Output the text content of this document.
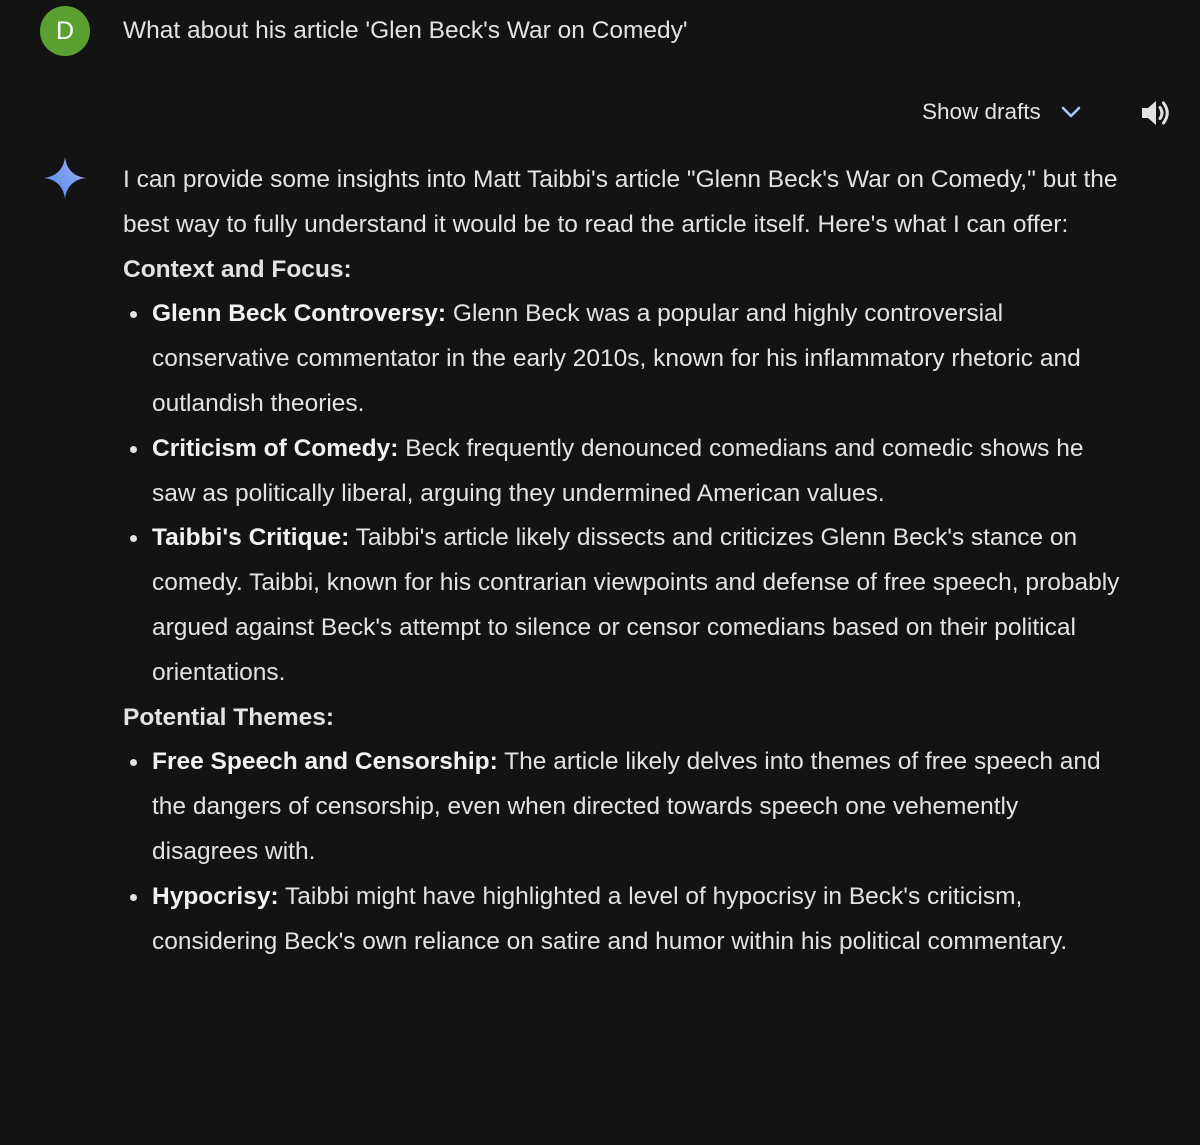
D What about his article 'Glen Beck's War on Comedy'
Show drafts

I can provide some insights into Matt Taibbi's article "Glenn Beck's War on Comedy," but the best way to fully understand it would be to read the article itself. Here's what I can offer:

Context and Focus:

Glenn Beck Controversy: Glenn Beck was a popular and highly controversial conservative commentator in the early 2010s, known for his inflammatory rhetoric and outlandish theories.
Criticism of Comedy: Beck frequently denounced comedians and comedic shows he saw as politically liberal, arguing they undermined American values.
Taibbi's Critique: Taibbi's article likely dissects and criticizes Glenn Beck's stance on comedy. Taibbi, known for his contrarian viewpoints and defense of free speech, probably argued against Beck's attempt to silence or censor comedians based on their political orientations.

Potential Themes:

Free Speech and Censorship: The article likely delves into themes of free speech and the dangers of censorship, even when directed towards speech one vehemently disagrees with.
Hypocrisy: Taibbi might have highlighted a level of hypocrisy in Beck's criticism, considering Beck's own reliance on satire and humor within his political commentary.
